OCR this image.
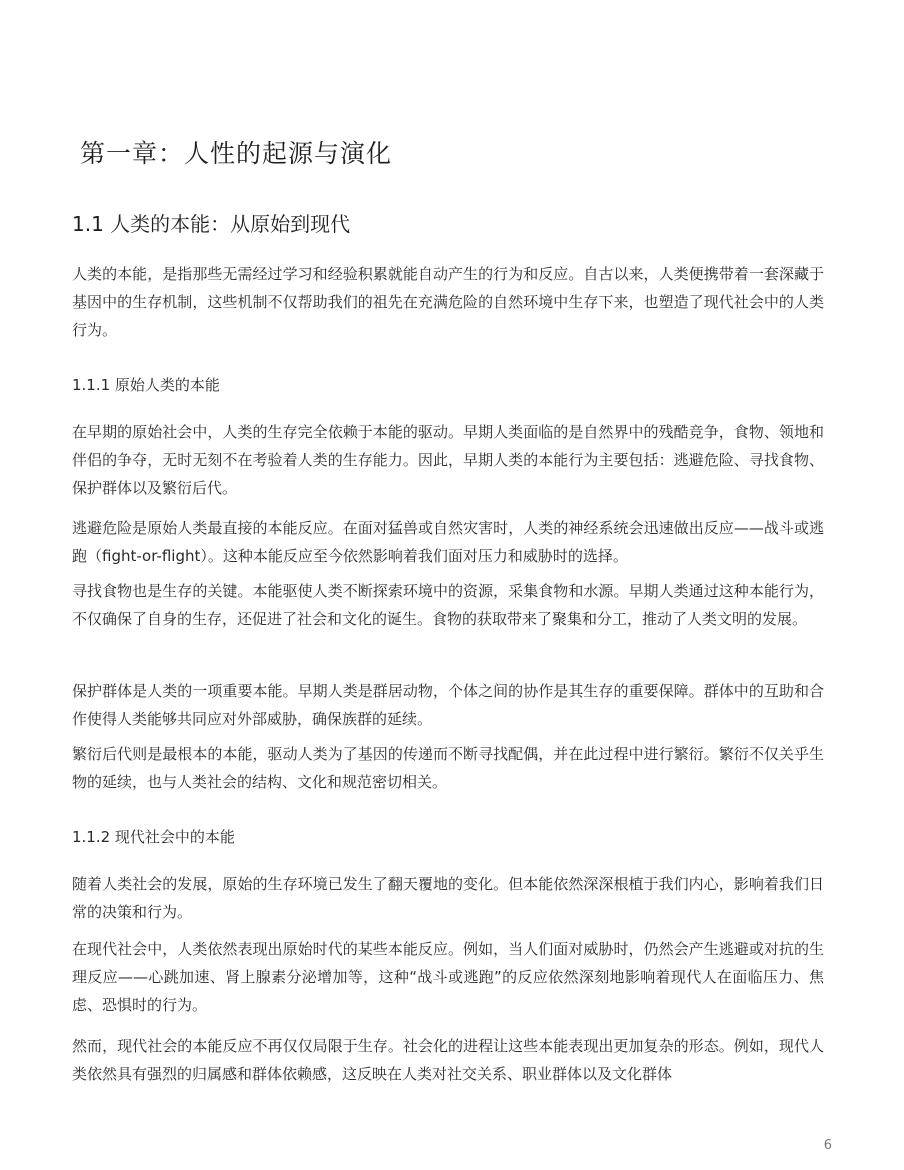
第一章：人性的起源与演化
1.1 人类的本能：从原始到现代

人类的本能，是指那些无需经过学习和经验积累就能自动产生的行为和反应。自古以来，人类便携带着一套深藏于基因中的生存机制，这些机制不仅帮助我们的祖先在充满危险的自然环境中生存下来，也塑造了现代社会中的人类行为。

1.1.1 原始人类的本能

在早期的原始社会中，人类的生存完全依赖于本能的驱动。早期人类面临的是自然界中的残酷竞争，食物、领地和伴侣的争夺，无时无刻不在考验着人类的生存能力。因此，早期人类的本能行为主要包括：逃避危险、寻找食物、保护群体以及繁衍后代。

逃避危险是原始人类最直接的本能反应。在面对猛兽或自然灾害时，人类的神经系统会迅速做出反应——战斗或逃跑（fight-or-flight）。这种本能反应至今依然影响着我们面对压力和威胁时的选择。

寻找食物也是生存的关键。本能驱使人类不断探索环境中的资源，采集食物和水源。早期人类通过这种本能行为，不仅确保了自身的生存，还促进了社会和文化的诞生。食物的获取带来了聚集和分工，推动了人类文明的发展。

保护群体是人类的一项重要本能。早期人类是群居动物，个体之间的协作是其生存的重要保障。群体中的互助和合作使得人类能够共同应对外部威胁，确保族群的延续。

繁衍后代则是最根本的本能，驱动人类为了基因的传递而不断寻找配偶，并在此过程中进行繁衍。繁衍不仅关乎生物的延续，也与人类社会的结构、文化和规范密切相关。

1.1.2 现代社会中的本能

随着人类社会的发展，原始的生存环境已发生了翻天覆地的变化。但本能依然深深根植于我们内心，影响着我们日常的决策和行为。

在现代社会中，人类依然表现出原始时代的某些本能反应。例如，当人们面对威胁时，仍然会产生逃避或对抗的生理反应——心跳加速、肾上腺素分泌增加等，这种“战斗或逃跑”的反应依然深刻地影响着现代人在面临压力、焦虑、恐惧时的行为。

然而，现代社会的本能反应不再仅仅局限于生存。社会化的进程让这些本能表现出更加复杂的形态。例如，现代人类依然具有强烈的归属感和群体依赖感，这反映在人类对社交关系、职业群体以及文化群体

6
